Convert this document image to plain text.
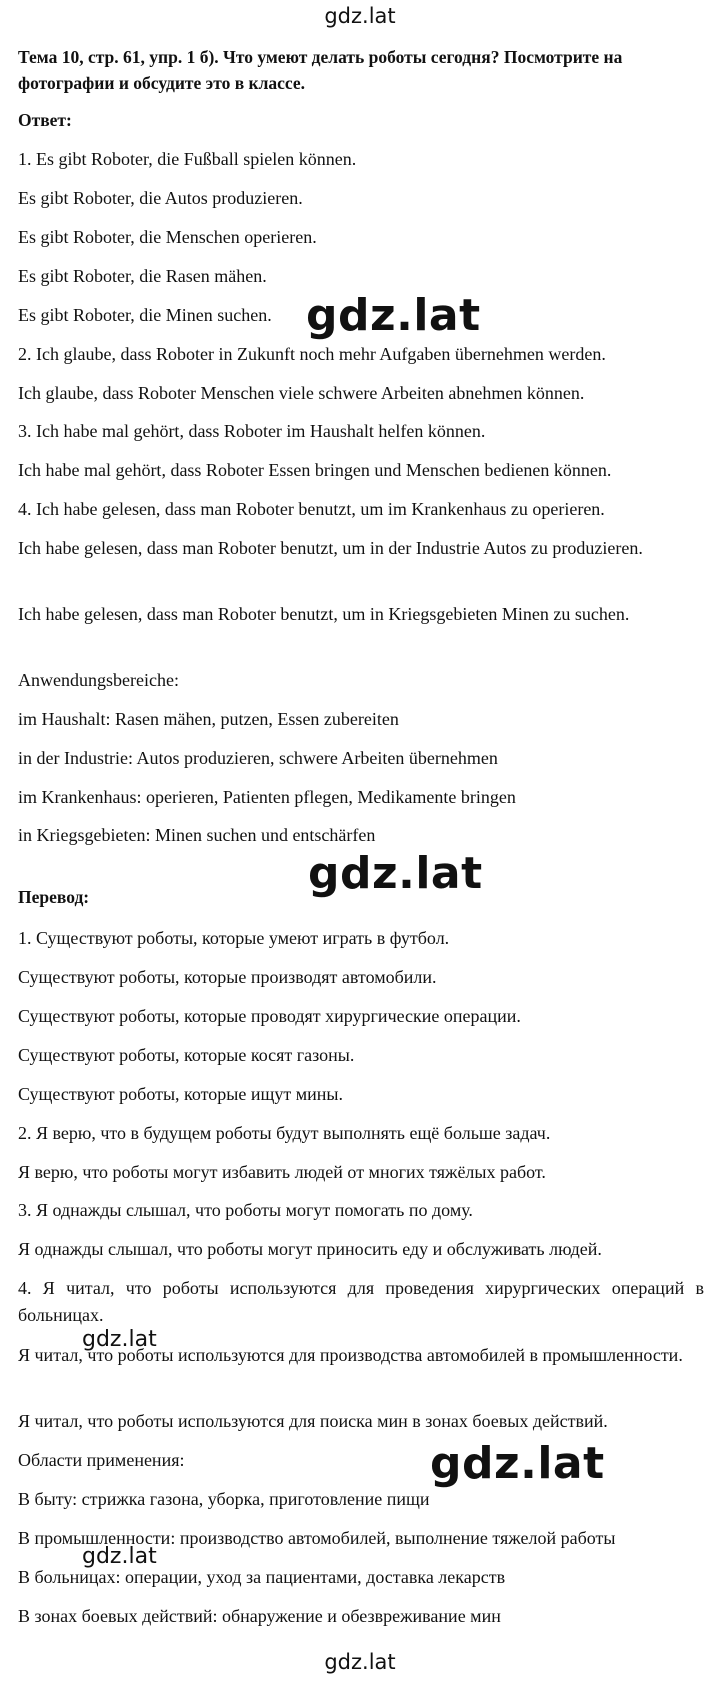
gdz.lat
Тема 10, стр. 61, упр. 1 б). Что умеют делать роботы сегодня? Посмотрите на фотографии и обсудите это в классе.
Ответ:
1. Es gibt Roboter, die Fußball spielen können.
Es gibt Roboter, die Autos produzieren.
Es gibt Roboter, die Menschen operieren.
Es gibt Roboter, die Rasen mähen.
Es gibt Roboter, die Minen suchen.
2. Ich glaube, dass Roboter in Zukunft noch mehr Aufgaben übernehmen werden.
Ich glaube, dass Roboter Menschen viele schwere Arbeiten abnehmen können.
3. Ich habe mal gehört, dass Roboter im Haushalt helfen können.
Ich habe mal gehört, dass Roboter Essen bringen und Menschen bedienen können.
4. Ich habe gelesen, dass man Roboter benutzt, um im Krankenhaus zu operieren.
Ich habe gelesen, dass man Roboter benutzt, um in der Industrie Autos zu produzieren.
Ich habe gelesen, dass man Roboter benutzt, um in Kriegsgebieten Minen zu suchen.
Anwendungsbereiche:
im Haushalt: Rasen mähen, putzen, Essen zubereiten
in der Industrie: Autos produzieren, schwere Arbeiten übernehmen
im Krankenhaus: operieren, Patienten pflegen, Medikamente bringen
in Kriegsgebieten: Minen suchen und entschärfen
Перевод:
1. Существуют роботы, которые умеют играть в футбол.
Существуют роботы, которые производят автомобили.
Существуют роботы, которые проводят хирургические операции.
Существуют роботы, которые косят газоны.
Существуют роботы, которые ищут мины.
2. Я верю, что в будущем роботы будут выполнять ещё больше задач.
Я верю, что роботы могут избавить людей от многих тяжёлых работ.
3. Я однажды слышал, что роботы могут помогать по дому.
Я однажды слышал, что роботы могут приносить еду и обслуживать людей.
4. Я читал, что роботы используются для проведения хирургических операций в больницах.
Я читал, что роботы используются для производства автомобилей в промышленности.
Я читал, что роботы используются для поиска мин в зонах боевых действий.
Области применения:
В быту: стрижка газона, уборка, приготовление пищи
В промышленности: производство автомобилей, выполнение тяжелой работы
В больницах: операции, уход за пациентами, доставка лекарств
В зонах боевых действий: обнаружение и обезвреживание мин
gdz.lat
gdz.lat
gdz.lat
gdz.lat
gdz.lat
gdz.lat
